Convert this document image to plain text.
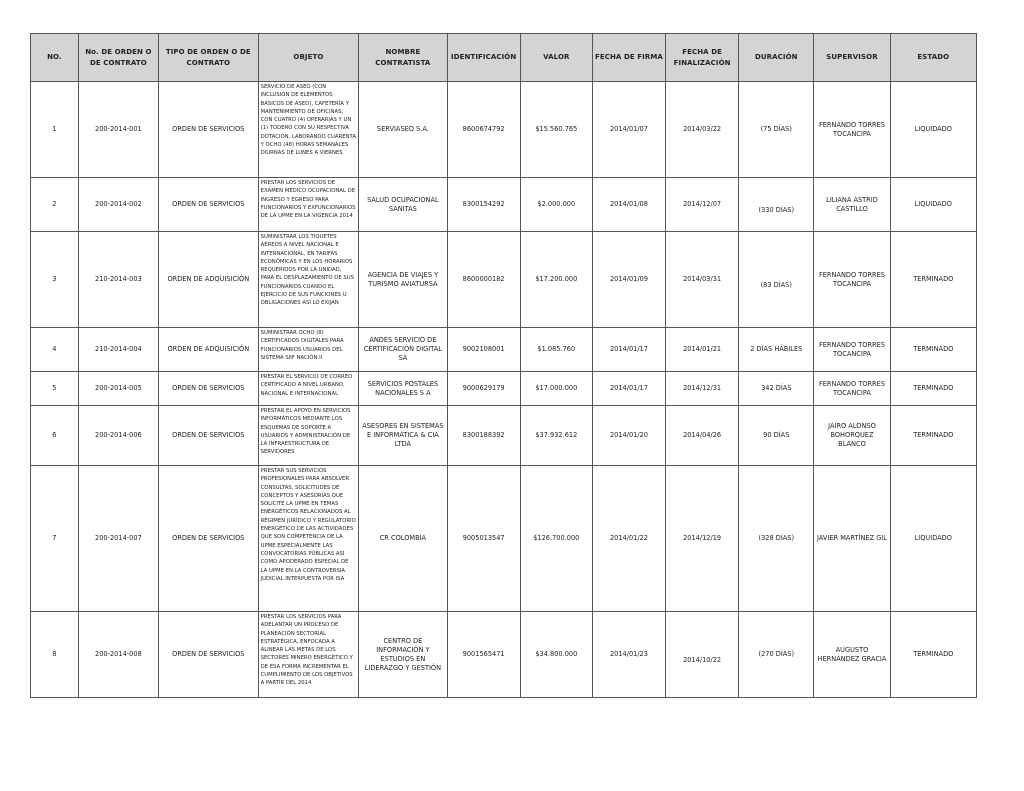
NO.	No. DE ORDEN O DE CONTRATO	TIPO DE ORDEN O DE CONTRATO	OBJETO	NOMBRE CONTRATISTA	IDENTIFICACIÓN	VALOR	FECHA DE FIRMA	FECHA DE FINALIZACIÓN	DURACIÓN	SUPERVISOR	ESTADO
1	200-2014-001	ORDEN DE SERVICIOS	SERVICIO DE ASEO (CON INCLUSIÓN DE ELEMENTOS BÁSICOS DE ASEO), CAFETERÍA Y MANTENIMIENTO DE OFICINAS; CON CUATRO (4) OPERARIAS Y UN (1) TODERO CON SU RESPECTIVA DOTACIÓN, LABORANDO CUARENTA Y OCHO (48) HORAS SEMANALES DIURNAS DE LUNES A VIERNES	SERVIASEO S.A.	8600674792	$15.560.765	2014/01/07	2014/03/22	(75 DÍAS)	FERNANDO TORRES TOCANCIPA	LIQUIDADO
2	200-2014-002	ORDEN DE SERVICIOS	PRESTAR LOS SERVICIOS DE EXAMEN MÉDICO OCUPACIONAL DE INGRESO Y EGRESO PARA FUNCIONARIOS Y EXFUNCIONARIOS DE LA UPME EN LA VIGENCIA 2014	SALUD OCUPACIONAL SANITAS	8300154292	$2.000.000	2014/01/08	2014/12/07	(330 DÍAS)	LILIANA ASTRID CASTILLO	LIQUIDADO
3	210-2014-003	ORDEN DE ADQUISICIÓN	SUMINISTRAR LOS TIQUETES AÉREOS A NIVEL NACIONAL E INTERNACIONAL, EN TARIFAS ECONÓMICAS Y EN LOS HORARIOS REQUERIDOS POR LA UNIDAD, PARA EL DESPLAZAMIENTO DE SUS FUNCIONARIOS CUANDO EL EJERCICIO DE SUS FUNCIONES U OBLIGACIONES ASÍ LO EXIJAN	AGENCIA DE VIAJES Y TURISMO AVIATURSA	8600000182	$17.200.000	2014/01/09	2014/03/31	(83 DÍAS)	FERNANDO TORRES TOCANCIPA	TERMINADO
4	210-2014-004	ORDEN DE ADQUISICIÓN	SUMINISTRAR OCHO (8) CERTIFICADOS DIGITALES PARA FUNCIONARIOS USUARIOS DEL SISTEMA SIIF NACIÓN II	ANDES SERVICIO DE CERTIFICACIÓN DIGITAL SA	9002108001	$1.085.760	2014/01/17	2014/01/21	2 DÍAS HÁBILES	FERNANDO TORRES TOCANCIPA	TERMINADO
5	200-2014-005	ORDEN DE SERVICIOS	PRESTAR EL SERVICIO DE CORREO CERTIFICADO A NIVEL URBANO, NACIONAL E INTERNACIONAL	SERVICIOS POSTALES NACIONALES S A	9000629179	$17.000.000	2014/01/17	2014/12/31	342 DÍAS	FERNANDO TORRES TOCANCIPA	TERMINADO
6	200-2014-006	ORDEN DE SERVICIOS	PRESTAR EL APOYO EN SERVICIOS INFORMÁTICOS MEDIANTE LOS ESQUEMAS DE SOPORTE A USUARIOS Y ADMINISTRACIÓN DE LA INFRAESTRUCTURA DE SERVIDORES	ASESORES EN SISTEMAS E INFORMÁTICA & CIA LTDA	8300188392	$37.932.612	2014/01/20	2014/04/26	90 DÍAS	JAIRO ALONSO BOHORQUEZ BLANCO	TERMINADO
7	200-2014-007	ORDEN DE SERVICIOS	PRESTAR SUS SERVICIOS PROFESIONALES PARA ABSOLVER CONSULTAS, SOLICITUDES DE CONCEPTOS Y ASESORÍAS QUE SOLICITE LA UPME EN TEMAS ENERGÉTICOS RELACIONADOS AL RÉGIMEN JURÍDICO Y REGULATORIO ENERGÉTICO DE LAS ACTIVIDADES QUE SON COMPETENCIA DE LA UPME ESPECIALMENTE LAS CONVOCATORIAS PÚBLICAS ASÍ COMO APODERADO ESPECIAL DE LA UPME EN LA CONTROVERSIA JUDICIAL INTERPUESTA POR ISA	CR COLOMBIA	9005013547	$126.700.000	2014/01/22	2014/12/19	(328 DÍAS)	JAVIER MARTÍNEZ GIL	LIQUIDADO
8	200-2014-008	ORDEN DE SERVICIOS	PRESTAR LOS SERVICIOS PARA ADELANTAR UN PROCESO DE PLANEACIÓN SECTORIAL ESTRATÉGICA, ENFOCADA A ALINEAR LAS METAS DE LOS SECTORES MINERO ENERGÉTICO Y DE ESA FORMA INCREMENTAR EL CUMPLIMIENTO DE LOS OBJETIVOS A PARTIR DEL 2014	CENTRO DE INFORMACIÓN Y ESTUDIOS EN LIDERAZGO Y GESTIÓN	9001565471	$34.800.000	2014/01/23	2014/10/22	(270 DÍAS)	AUGUSTO HERNÁNDEZ GRACIA	TERMINADO
